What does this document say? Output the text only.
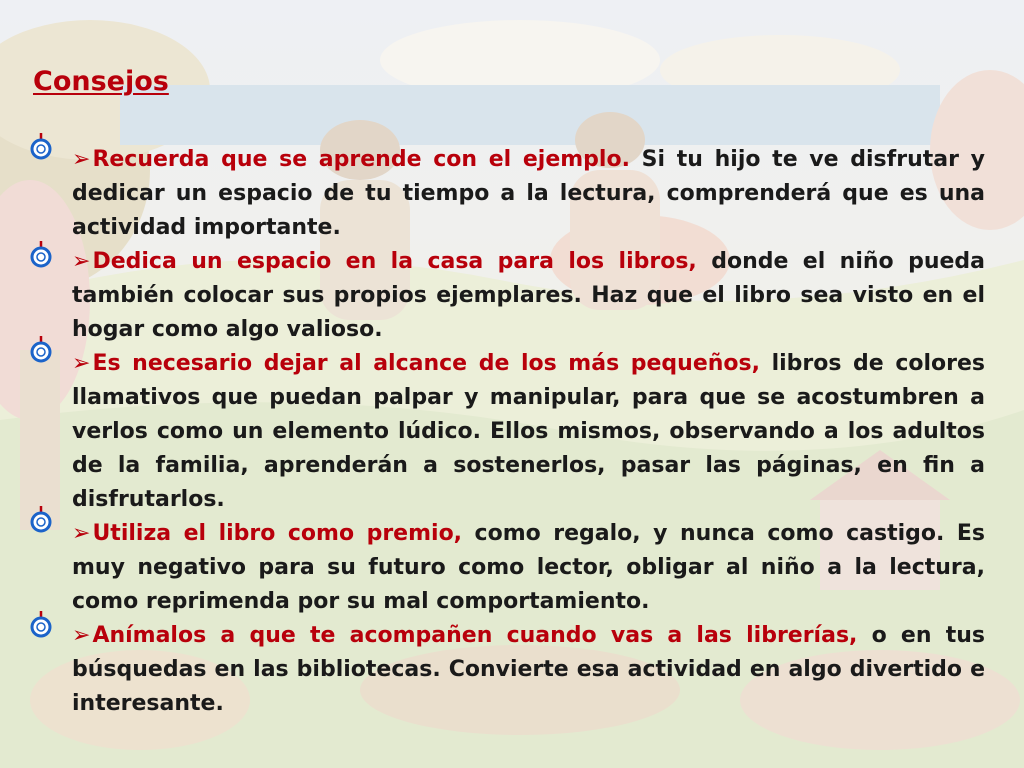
Consejos

➢Recuerda que se aprende con el ejemplo. Si tu hijo te ve disfrutar y dedicar un espacio de tu tiempo a la lectura, comprenderá que es una actividad importante.

➢Dedica un espacio en la casa para los libros, donde el niño pueda también colocar sus propios ejemplares. Haz que el libro sea visto en el hogar como algo valioso.

➢Es necesario dejar al alcance de los más pequeños, libros de colores llamativos que puedan palpar y manipular, para que se acostumbren a verlos como un elemento lúdico. Ellos mismos, observando a los adultos de la familia, aprenderán a sostenerlos, pasar las páginas, en fin a disfrutarlos.

➢Utiliza el libro como premio, como regalo, y nunca como castigo. Es muy negativo para su futuro como lector, obligar al niño a la lectura, como reprimenda por su mal comportamiento.

➢Anímalos a que te acompañen cuando vas a las librerías, o en tus búsquedas en las bibliotecas. Convierte esa actividad en algo divertido e interesante.
